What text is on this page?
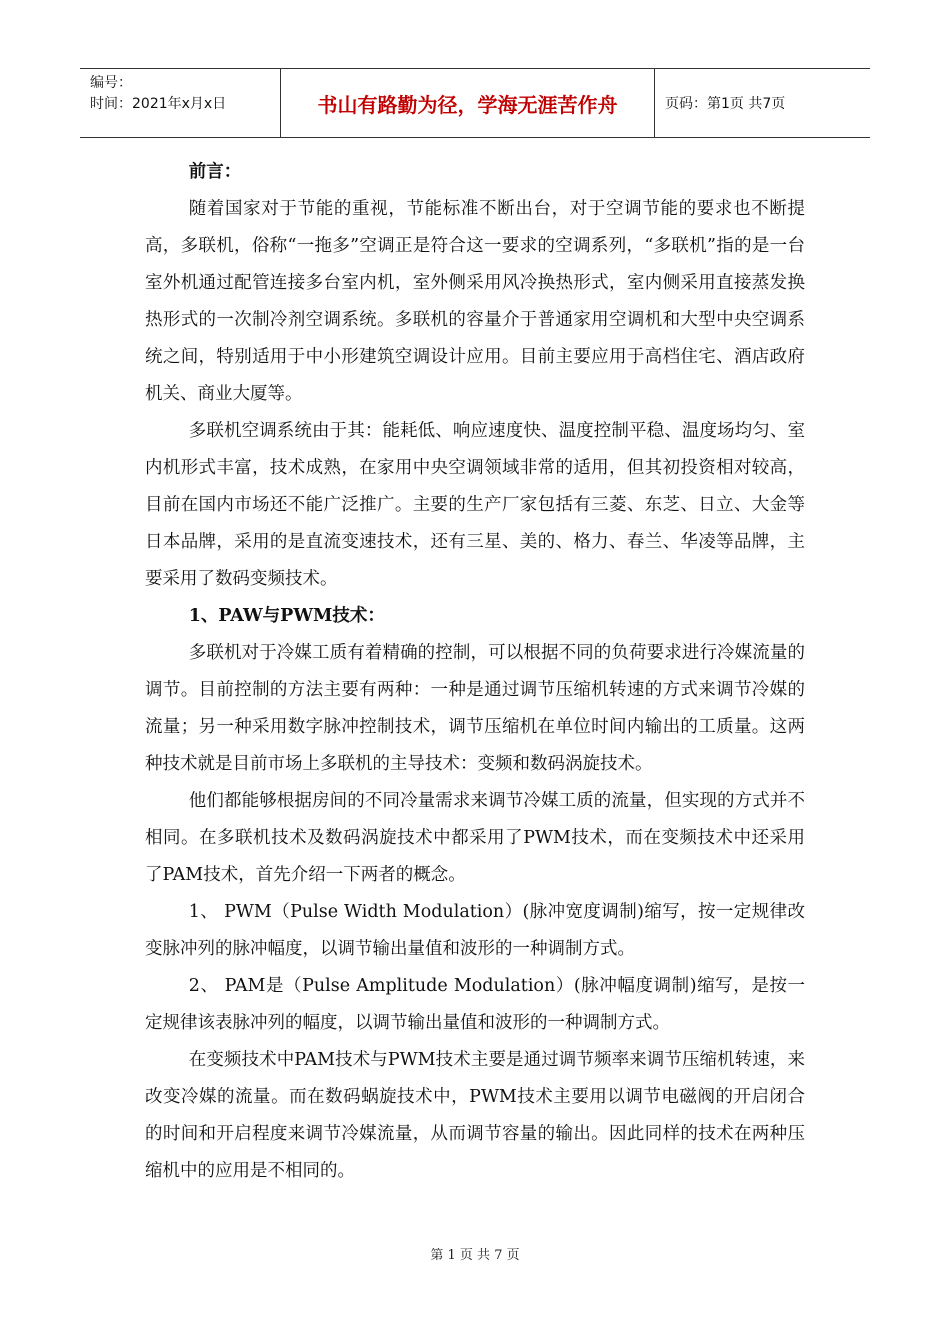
编号：
时间：2021年x月x日	书山有路勤为径，学海无涯苦作舟	页码：第1页 共7页

前言：

随着国家对于节能的重视，节能标准不断出台，对于空调节能的要求也不断提高，多联机，俗称“一拖多”空调正是符合这一要求的空调系列，“多联机”指的是一台室外机通过配管连接多台室内机，室外侧采用风冷换热形式，室内侧采用直接蒸发换热形式的一次制冷剂空调系统。多联机的容量介于普通家用空调机和大型中央空调系统之间，特别适用于中小形建筑空调设计应用。目前主要应用于高档住宅、酒店政府机关、商业大厦等。

多联机空调系统由于其：能耗低、响应速度快、温度控制平稳、温度场均匀、室内机形式丰富，技术成熟，在家用中央空调领域非常的适用，但其初投资相对较高，目前在国内市场还不能广泛推广。主要的生产厂家包括有三菱、东芝、日立、大金等日本品牌，采用的是直流变速技术，还有三星、美的、格力、春兰、华凌等品牌，主要采用了数码变频技术。

1、PAW与PWM技术：

多联机对于冷媒工质有着精确的控制，可以根据不同的负荷要求进行冷媒流量的调节。目前控制的方法主要有两种：一种是通过调节压缩机转速的方式来调节冷媒的流量；另一种采用数字脉冲控制技术，调节压缩机在单位时间内输出的工质量。这两种技术就是目前市场上多联机的主导技术：变频和数码涡旋技术。

他们都能够根据房间的不同冷量需求来调节冷媒工质的流量，但实现的方式并不相同。在多联机技术及数码涡旋技术中都采用了PWM技术，而在变频技术中还采用了PAM技术，首先介绍一下两者的概念。

1、 PWM（Pulse Width Modulation）(脉冲宽度调制)缩写，按一定规律改变脉冲列的脉冲幅度，以调节输出量值和波形的一种调制方式。

2、 PAM是（Pulse Amplitude Modulation）(脉冲幅度调制)缩写，是按一定规律该表脉冲列的幅度，以调节输出量值和波形的一种调制方式。

在变频技术中PAM技术与PWM技术主要是通过调节频率来调节压缩机转速，来改变冷媒的流量。而在数码蜗旋技术中，PWM技术主要用以调节电磁阀的开启闭合的时间和开启程度来调节冷媒流量，从而调节容量的输出。因此同样的技术在两种压缩机中的应用是不相同的。

第 1 页 共 7 页
